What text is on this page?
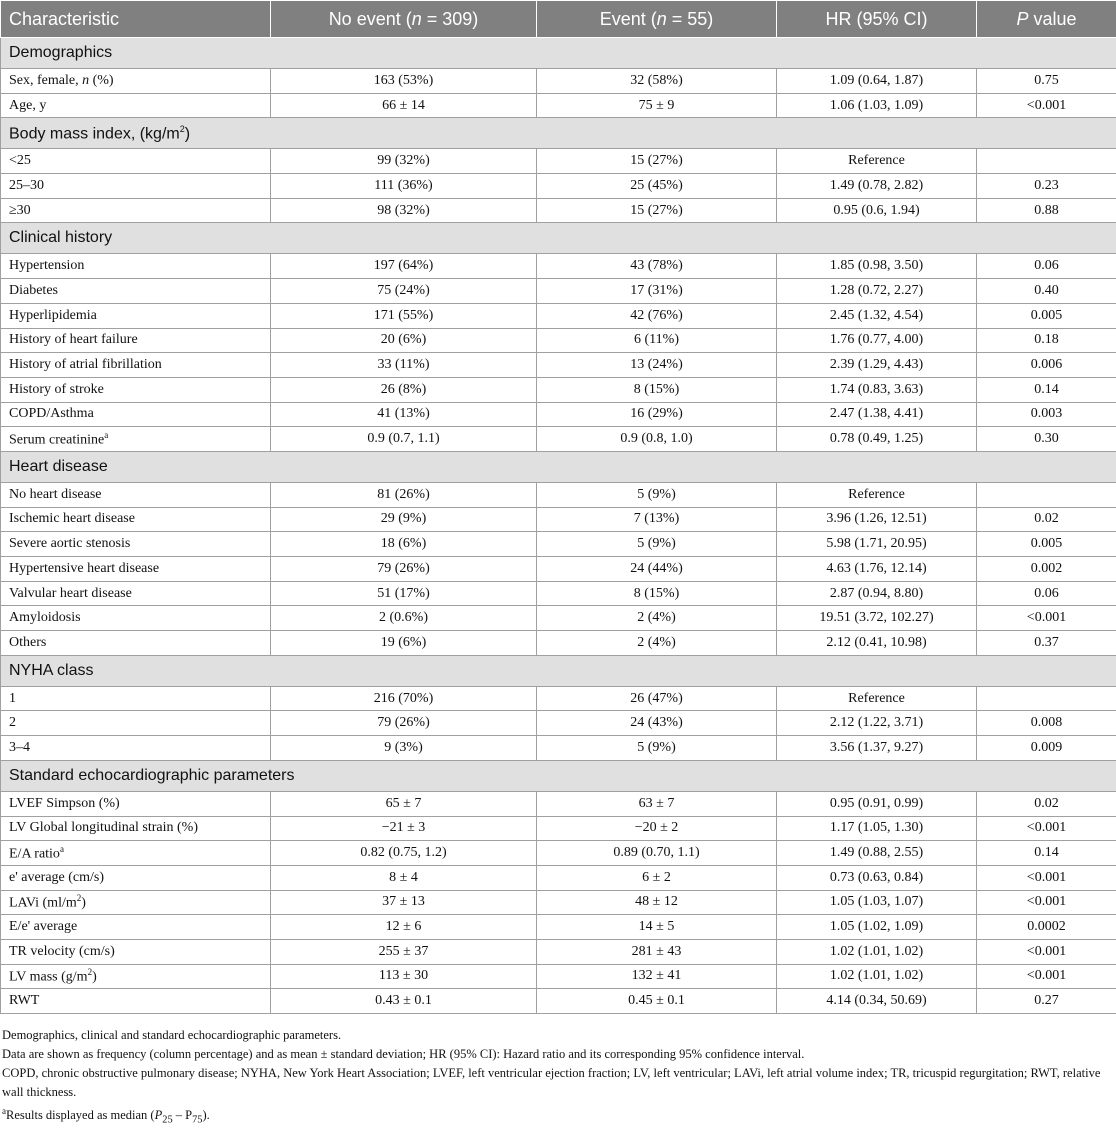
Characteristic	No event (n = 309)	Event (n = 55)	HR (95% CI)	P value
Demographics				
Sex, female, n (%)	163 (53%)	32 (58%)	1.09 (0.64, 1.87)	0.75
Age, y	66 ± 14	75 ± 9	1.06 (1.03, 1.09)	<0.001
Body mass index, $(kg/m^2)$				
<25	99 (32%)	15 (27%)	Reference	
25–30	111 (36%)	25 (45%)	1.49 (0.78, 2.82)	0.23
≥30	98 (32%)	15 (27%)	0.95 (0.6, 1.94)	0.88
Clinical history				
Hypertension	197 (64%)	43 (78%)	1.85 (0.98, 3.50)	0.06
Diabetes	75 (24%)	17 (31%)	1.28 (0.72, 2.27)	0.40
Hyperlipidemia	171 (55%)	42 (76%)	2.45 (1.32, 4.54)	0.005
History of heart failure	20 (6%)	6 (11%)	1.76 (0.77, 4.00)	0.18
History of atrial fibrillation	33 (11%)	13 (24%)	2.39 (1.29, 4.43)	0.006
History of stroke	26 (8%)	8 (15%)	1.74 (0.83, 3.63)	0.14
COPD/Asthma	41 (13%)	16 (29%)	2.47 (1.38, 4.41)	0.003
Serum creatinine$^a$	0.9 (0.7, 1.1)	0.9 (0.8, 1.0)	0.78 (0.49, 1.25)	0.30
Heart disease				
No heart disease	81 (26%)	5 (9%)	Reference	
Ischemic heart disease	29 (9%)	7 (13%)	3.96 (1.26, 12.51)	0.02
Severe aortic stenosis	18 (6%)	5 (9%)	5.98 (1.71, 20.95)	0.005
Hypertensive heart disease	79 (26%)	24 (44%)	4.63 (1.76, 12.14)	0.002
Valvular heart disease	51 (17%)	8 (15%)	2.87 (0.94, 8.80)	0.06
Amyloidosis	2 (0.6%)	2 (4%)	19.51 (3.72, 102.27)	<0.001
Others	19 (6%)	2 (4%)	2.12 (0.41, 10.98)	0.37
NYHA class				
1	216 (70%)	26 (47%)	Reference	
2	79 (26%)	24 (43%)	2.12 (1.22, 3.71)	0.008
3–4	9 (3%)	5 (9%)	3.56 (1.37, 9.27)	0.009
Standard echocardiographic parameters				
LVEF Simpson (%)	65 ± 7	63 ± 7	0.95 (0.91, 0.99)	0.02
LV Global longitudinal strain (%)	−21 ± 3	−20 ± 2	1.17 (1.05, 1.30)	<0.001
E/A ratio$^a$	0.82 (0.75, 1.2)	0.89 (0.70, 1.1)	1.49 (0.88, 2.55)	0.14
e' average (cm/s)	8 ± 4	6 ± 2	0.73 (0.63, 0.84)	<0.001
LAVi $(ml/m^2)$	37 ± 13	48 ± 12	1.05 (1.03, 1.07)	<0.001
E/e' average	12 ± 6	14 ± 5	1.05 (1.02, 1.09)	0.0002
TR velocity (cm/s)	255 ± 37	281 ± 43	1.02 (1.01, 1.02)	<0.001
LV mass $(g/m^2)$	113 ± 30	132 ± 41	1.02 (1.01, 1.02)	<0.001
RWT	0.43 ± 0.1	0.45 ± 0.1	4.14 (0.34, 50.69)	0.27

Demographics, clinical and standard echocardiographic parameters.

Data are shown as frequency (column percentage) and as mean ± standard deviation; HR (95% CI): Hazard ratio and its corresponding 95% confidence interval.

COPD, chronic obstructive pulmonary disease; NYHA, New York Heart Association; LVEF, left ventricular ejection fraction; LV, left ventricular; LAVi, left atrial volume index; TR, tricuspid regurgitation; RWT, relative wall thickness.

$^a$Results displayed as median $(P_{25} - P_{75})$.
